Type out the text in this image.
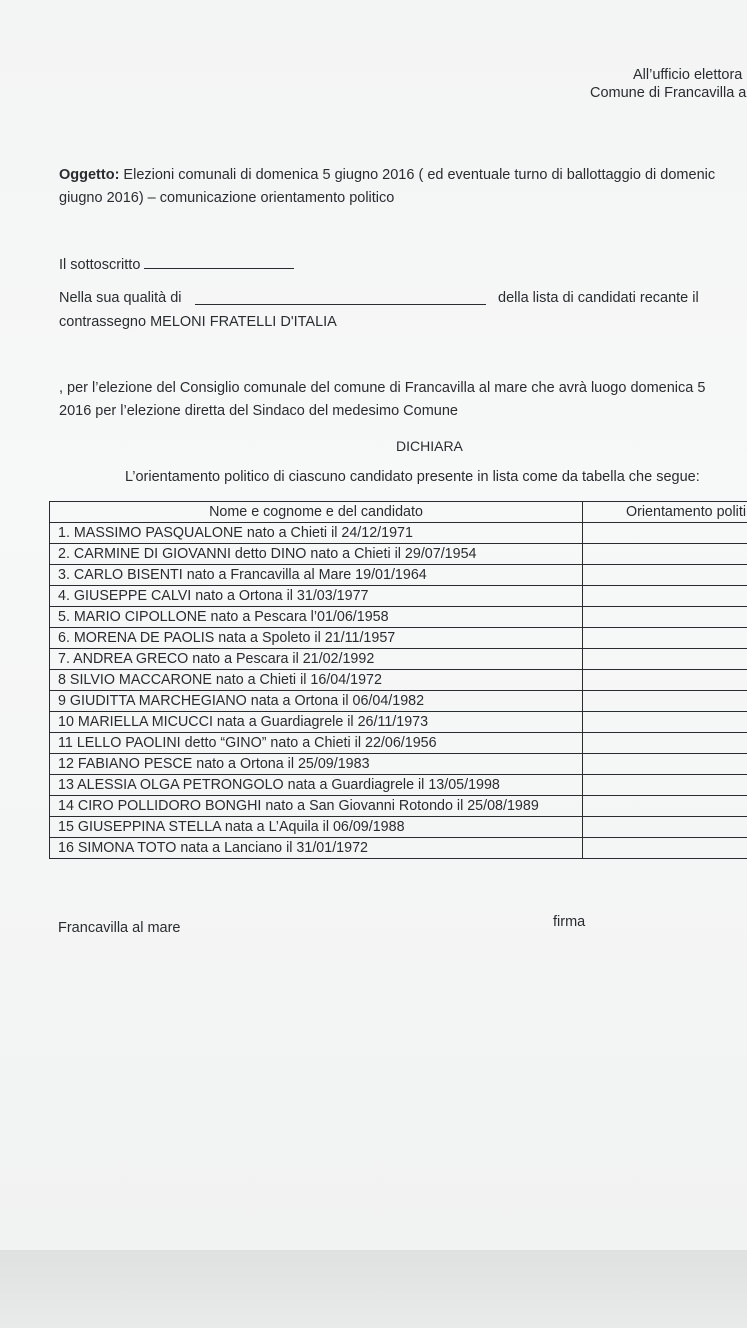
All’ufficio elettora
Comune di Francavilla a
Oggetto: Elezioni comunali di domenica 5 giugno 2016 ( ed eventuale turno di ballottaggio di domenic
giugno 2016) – comunicazione orientamento politico
Il sottoscritto
Nella sua qualità di	della lista di candidati recante il
contrassegno MELONI FRATELLI D'ITALIA
, per l’elezione del Consiglio comunale del comune di Francavilla al mare che avrà luogo domenica 5
2016 per l’elezione diretta del Sindaco del medesimo Comune
DICHIARA
L’orientamento politico di ciascuno candidato presente in lista come da tabella che segue:
Nome e cognome e del candidato	Orientamento politi
1. MASSIMO PASQUALONE nato a Chieti il 24/12/1971	
2. CARMINE DI GIOVANNI detto DINO nato a Chieti il 29/07/1954	
3. CARLO BISENTI nato a Francavilla al Mare 19/01/1964	
4. GIUSEPPE CALVI nato a Ortona il 31/03/1977	
5. MARIO CIPOLLONE nato a Pescara l’01/06/1958	
6. MORENA DE PAOLIS nata a Spoleto il 21/11/1957	
7. ANDREA GRECO nato a Pescara il 21/02/1992	
8 SILVIO MACCARONE nato a Chieti il 16/04/1972	
9 GIUDITTA MARCHEGIANO nata a Ortona il 06/04/1982	
10 MARIELLA MICUCCI nata a Guardiagrele il 26/11/1973	
11 LELLO PAOLINI detto “GINO” nato a Chieti il 22/06/1956	
12 FABIANO PESCE nato a Ortona il 25/09/1983	
13 ALESSIA OLGA PETRONGOLO nata a Guardiagrele il 13/05/1998	
14 CIRO POLLIDORO BONGHI nato a San Giovanni Rotondo il 25/08/1989	
15 GIUSEPPINA STELLA nata a L’Aquila il 06/09/1988	
16 SIMONA TOTO nata a Lanciano il 31/01/1972	
Francavilla al mare	firma
